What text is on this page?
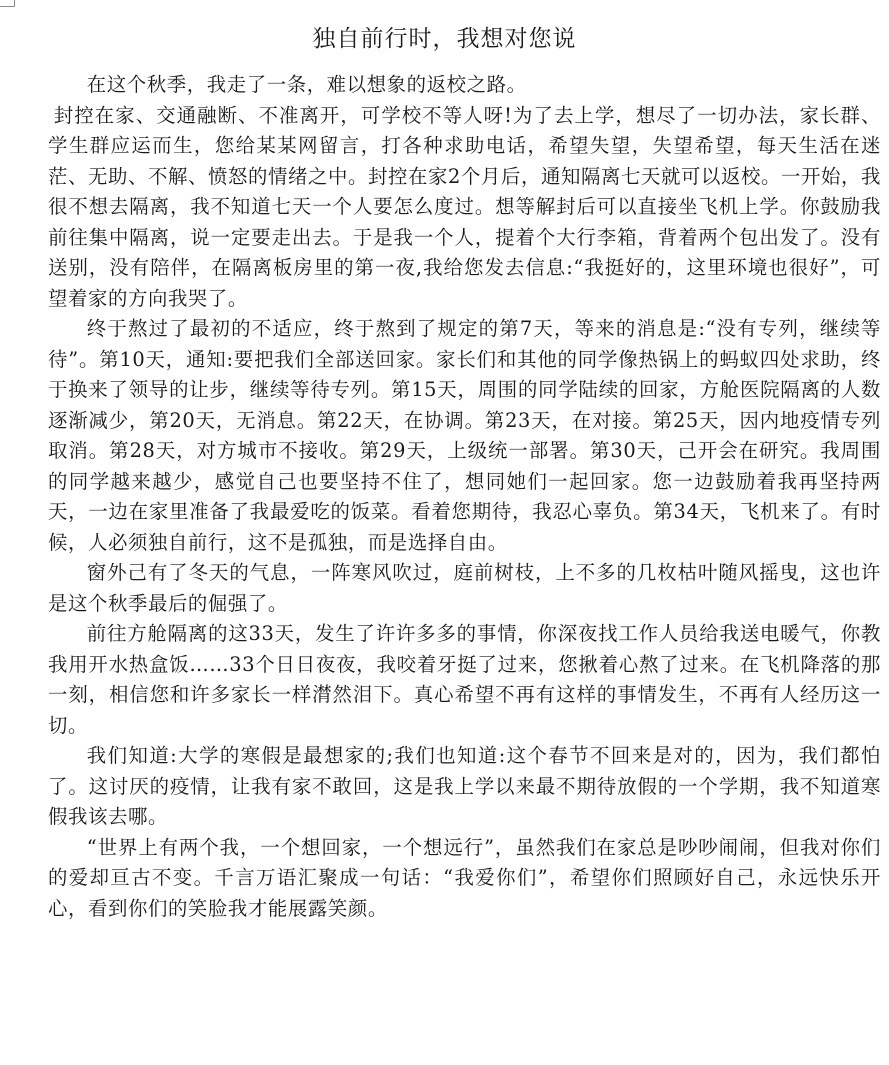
独自前行时，我想对您说

在这个秋季，我走了一条，难以想象的返校之路。

封控在家、交通融断、不准离开，可学校不等人呀!为了去上学，想尽了一切办法，家长群、学生群应运而生，您给某某网留言，打各种求助电话，希望失望，失望希望，每天生活在迷茫、无助、不解、愤怒的情绪之中。封控在家2个月后，通知隔离七天就可以返校。一开始，我很不想去隔离，我不知道七天一个人要怎么度过。想等解封后可以直接坐飞机上学。你鼓励我前往集中隔离，说一定要走出去。于是我一个人，提着个大行李箱，背着两个包出发了。没有送别，没有陪伴，在隔离板房里的第一夜,我给您发去信息:“我挺好的，这里环境也很好”，可望着家的方向我哭了。

终于熬过了最初的不适应，终于熬到了规定的第7天，等来的消息是:“没有专列，继续等待”。第10天，通知:要把我们全部送回家。家长们和其他的同学像热锅上的蚂蚁四处求助，终于换来了领导的让步，继续等待专列。第15天，周围的同学陆续的回家，方舱医院隔离的人数逐渐减少，第20天，无消息。第22天，在协调。第23天，在对接。第25天，因内地疫情专列取消。第28天，对方城市不接收。第29天，上级统一部署。第30天，己开会在研究。我周围的同学越来越少，感觉自己也要坚持不住了，想同她们一起回家。您一边鼓励着我再坚持两天，一边在家里准备了我最爱吃的饭菜。看着您期待，我忍心辜负。第34天，飞机来了。有时候，人必须独自前行，这不是孤独，而是选择自由。

窗外己有了冬天的气息，一阵寒风吹过，庭前树枝，上不多的几枚枯叶随风摇曳，这也许是这个秋季最后的倔强了。

前往方舱隔离的这33天，发生了许许多多的事情，你深夜找工作人员给我送电暖气，你教我用开水热盒饭……33个日日夜夜，我咬着牙挺了过来，您揪着心熬了过来。在飞机降落的那一刻，相信您和许多家长一样潸然泪下。真心希望不再有这样的事情发生，不再有人经历这一切。

我们知道:大学的寒假是最想家的;我们也知道:这个春节不回来是对的，因为，我们都怕了。这讨厌的疫情，让我有家不敢回，这是我上学以来最不期待放假的一个学期，我不知道寒假我该去哪。

“世界上有两个我，一个想回家，一个想远行”，虽然我们在家总是吵吵闹闹，但我对你们的爱却亘古不变。千言万语汇聚成一句话：“我爱你们”，希望你们照顾好自己，永远快乐开心，看到你们的笑脸我才能展露笑颜。
